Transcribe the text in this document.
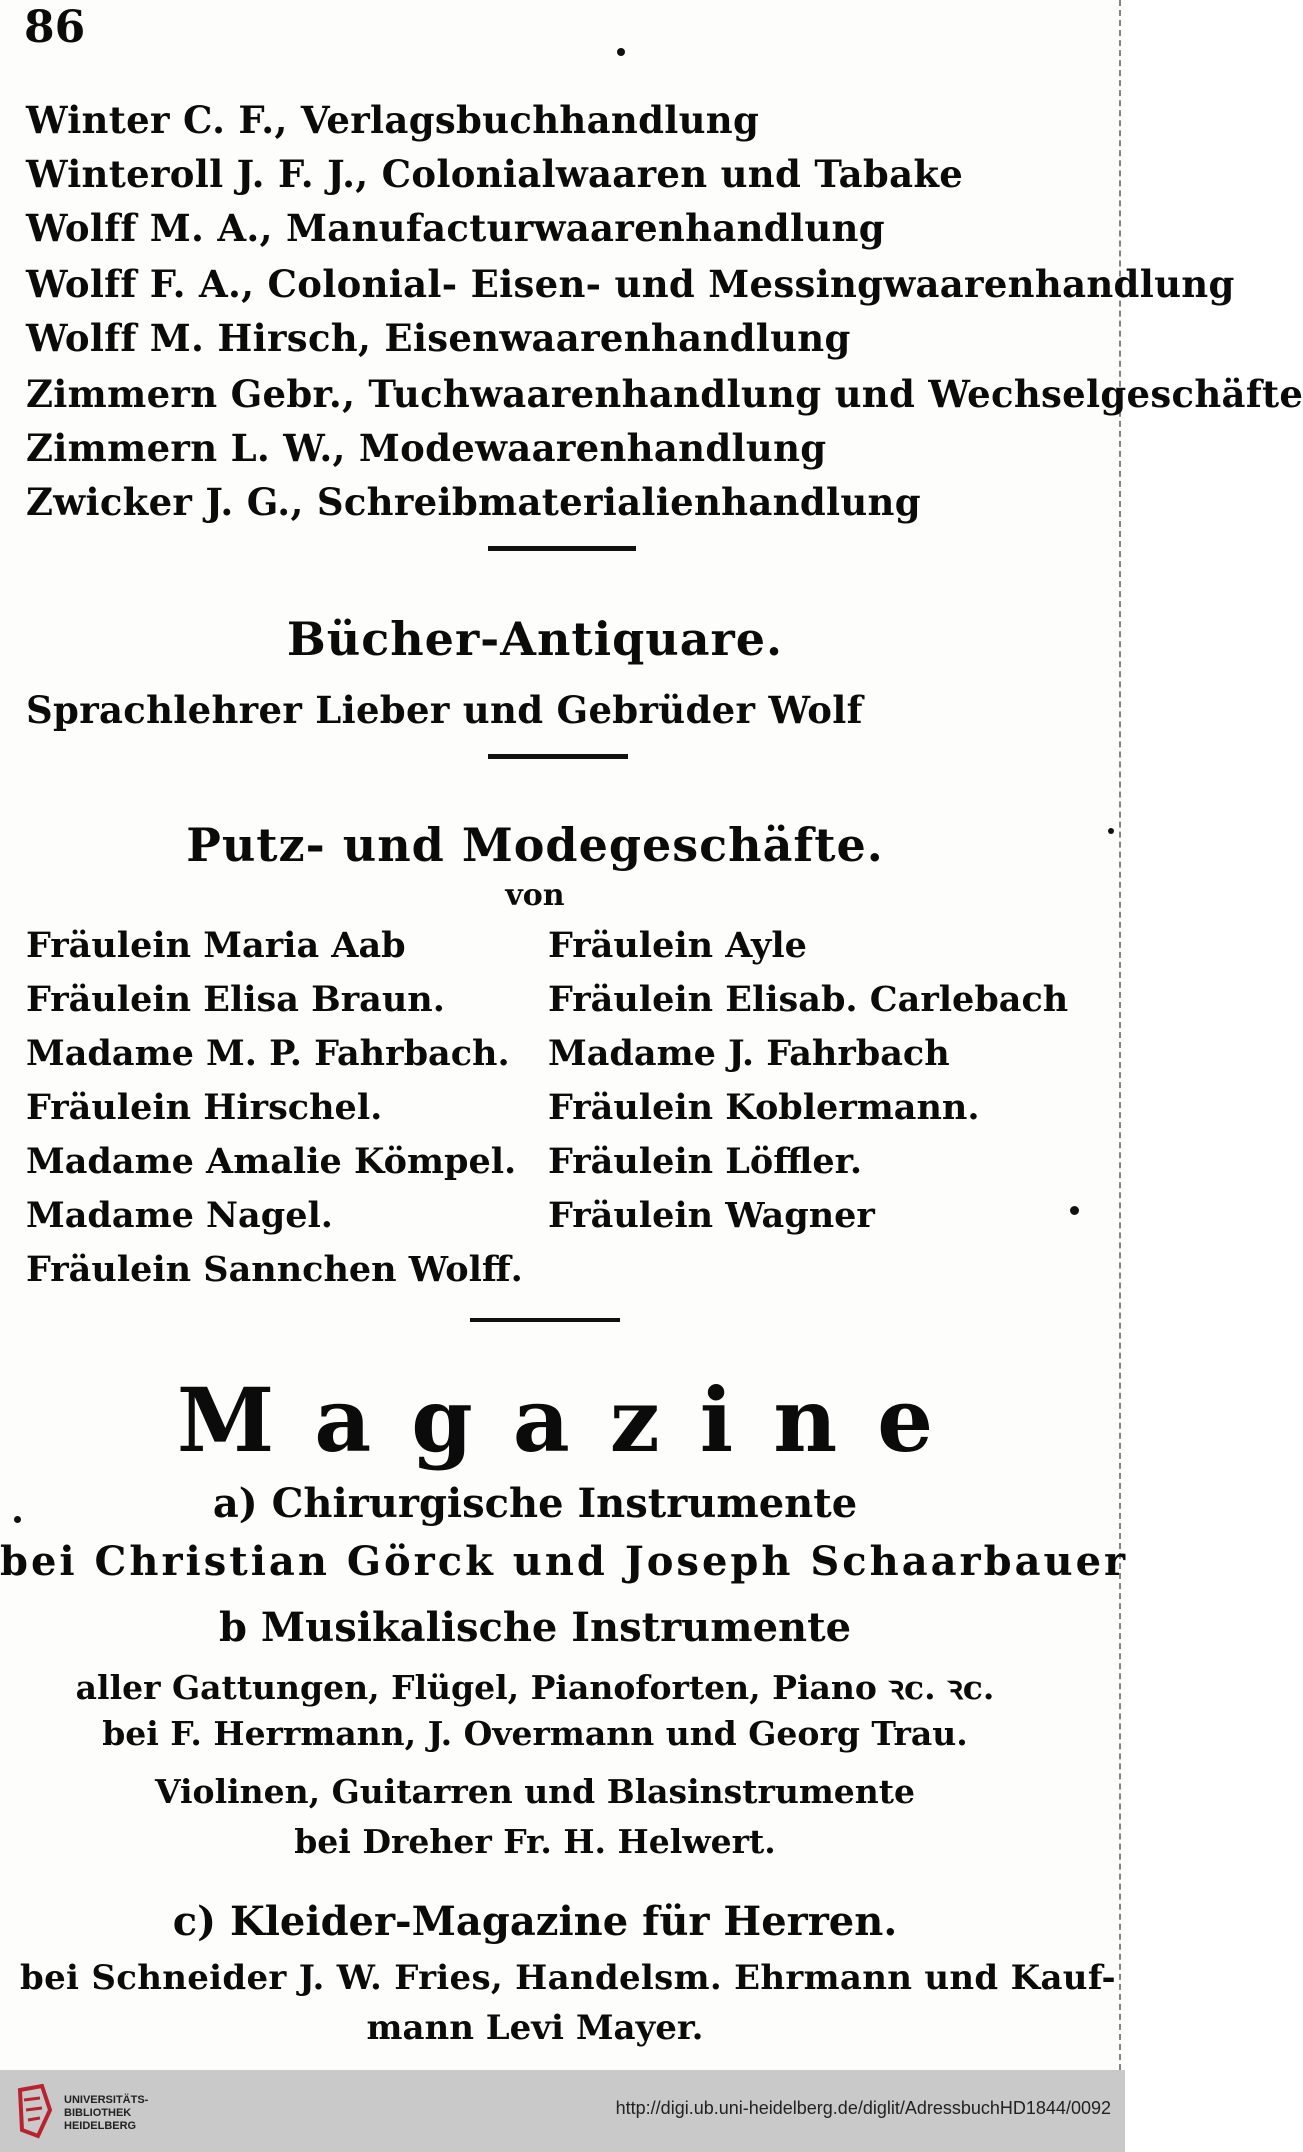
86
Winter C. F., Verlagsbuchhandlung
Winteroll J. F. J., Colonialwaaren und Tabake
Wolff M. A., Manufacturwaarenhandlung
Wolff F. A., Colonial- Eisen- und Messingwaarenhandlung
Wolff M. Hirsch, Eisenwaarenhandlung
Zimmern Gebr., Tuchwaarenhandlung und Wechselgeschäfte
Zimmern L. W., Modewaarenhandlung
Zwicker J. G., Schreibmaterialienhandlung
Bücher-Antiquare.
Sprachlehrer Lieber und Gebrüder Wolf
Putz- und Modegeschäfte.
von
Fräulein Maria Aab
Fräulein Elisa Braun.
Madame M. P. Fahrbach.
Fräulein Hirschel.
Madame Amalie Kömpel.
Madame Nagel.
Fräulein Sannchen Wolff.
Fräulein Ayle
Fräulein Elisab. Carlebach
Madame J. Fahrbach
Fräulein Koblermann.
Fräulein Löffler.
Fräulein Wagner
Magazine
a) Chirurgische Instrumente
bei Christian Görck und Joseph Schaarbauer
b Musikalische Instrumente
aller Gattungen, Flügel, Pianoforten, Piano ꝛc. ꝛc.
bei F. Herrmann, J. Overmann und Georg Trau.
Violinen, Guitarren und Blasinstrumente
bei Dreher Fr. H. Helwert.
c) Kleider-Magazine für Herren.
bei Schneider J. W. Fries, Handelsm. Ehrmann und Kauf-
mann Levi Mayer.
UNIVERSITÄTS-
BIBLIOTHEK
HEIDELBERG
http://digi.ub.uni-heidelberg.de/diglit/AdressbuchHD1844/0092
